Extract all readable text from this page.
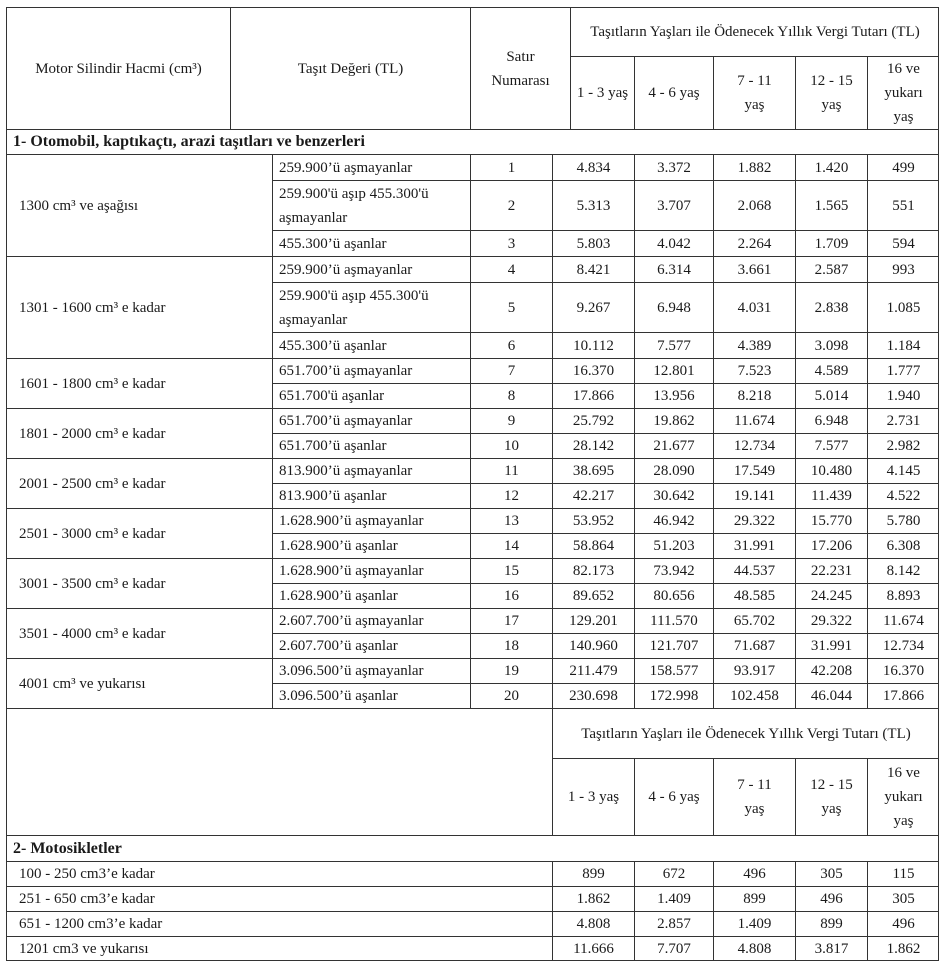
Motor Silindir Hacmi (cm³)	Taşıt Değeri (TL)
Satır Numarası
Taşıtların Yaşları ile Ödenecek Yıllık Vergi Tutarı (TL)
1 - 3 yaş 4 - 6 yaş
7 - 11 yaş
12 - 15 yaş
16 ve yukarı yaş
1- Otomobil, kaptıkaçtı, arazi taşıtları ve benzerleri
1300 cm³ ve aşağısı
259.900’ü aşmayanlar	1	4.834	3.372	1.882	1.420	499
259.900'ü aşıp 455.300'ü aşmayanlar
2	5.313	3.707	2.068	1.565	551
455.300’ü aşanlar	3	5.803	4.042	2.264	1.709	594
1301 - 1600 cm³ e kadar
259.900’ü aşmayanlar	4	8.421	6.314	3.661	2.587	993
259.900'ü aşıp 455.300'ü aşmayanlar
5	9.267	6.948	4.031	2.838	1.085
455.300’ü aşanlar	6	10.112	7.577	4.389	3.098	1.184
1601 - 1800 cm³ e kadar
651.700’ü aşmayanlar	7	16.370	12.801	7.523	4.589	1.777
651.700'ü aşanlar	8	17.866	13.956	8.218	5.014	1.940
1801 - 2000 cm³ e kadar
651.700’ü aşmayanlar	9	25.792	19.862	11.674	6.948	2.731
651.700’ü aşanlar	10	28.142	21.677	12.734	7.577	2.982
2001 - 2500 cm³ e kadar
813.900’ü aşmayanlar	11	38.695	28.090	17.549 10.480 4.145
813.900’ü aşanlar	12	42.217	30.642	19.141 11.439 4.522
2501 - 3000 cm³ e kadar
1.628.900’ü aşmayanlar	13	53.952	46.942	29.322 15.770 5.780
1.628.900’ü aşanlar	14	58.864	51.203	31.991 17.206 6.308
3001 - 3500 cm³ e kadar
1.628.900’ü aşmayanlar	15	82.173	73.942	44.537 22.231 8.142
1.628.900’ü aşanlar	16	89.652	80.656	48.585 24.245 8.893
3501 - 4000 cm³ e kadar
2.607.700’ü aşmayanlar	17	129.201 111.570 65.702 29.322 11.674
2.607.700’ü aşanlar	18	140.960 121.707 71.687 31.991 12.734
4001 cm³ ve yukarısı
3.096.500’ü aşmayanlar	19	211.479 158.577 93.917 42.208 16.370
3.096.500’ü aşanlar	20	230.698 172.998 102.458 46.044 17.866
Taşıtların Yaşları ile Ödenecek Yıllık Vergi Tutarı (TL)
1 - 3 yaş 4 - 6 yaş
7 - 11 yaş
12 - 15 yaş
16 ve yukarı yaş
2- Motosikletler
100 - 250 cm3’e kadar	899	672	496	305	115
251 - 650 cm3’e kadar	1.862	1.409	899	496	305
651 - 1200 cm3’e kadar	4.808	2.857	1.409	899	496
1201 cm3 ve yukarısı	11.666	7.707	4.808	3.817	1.862
